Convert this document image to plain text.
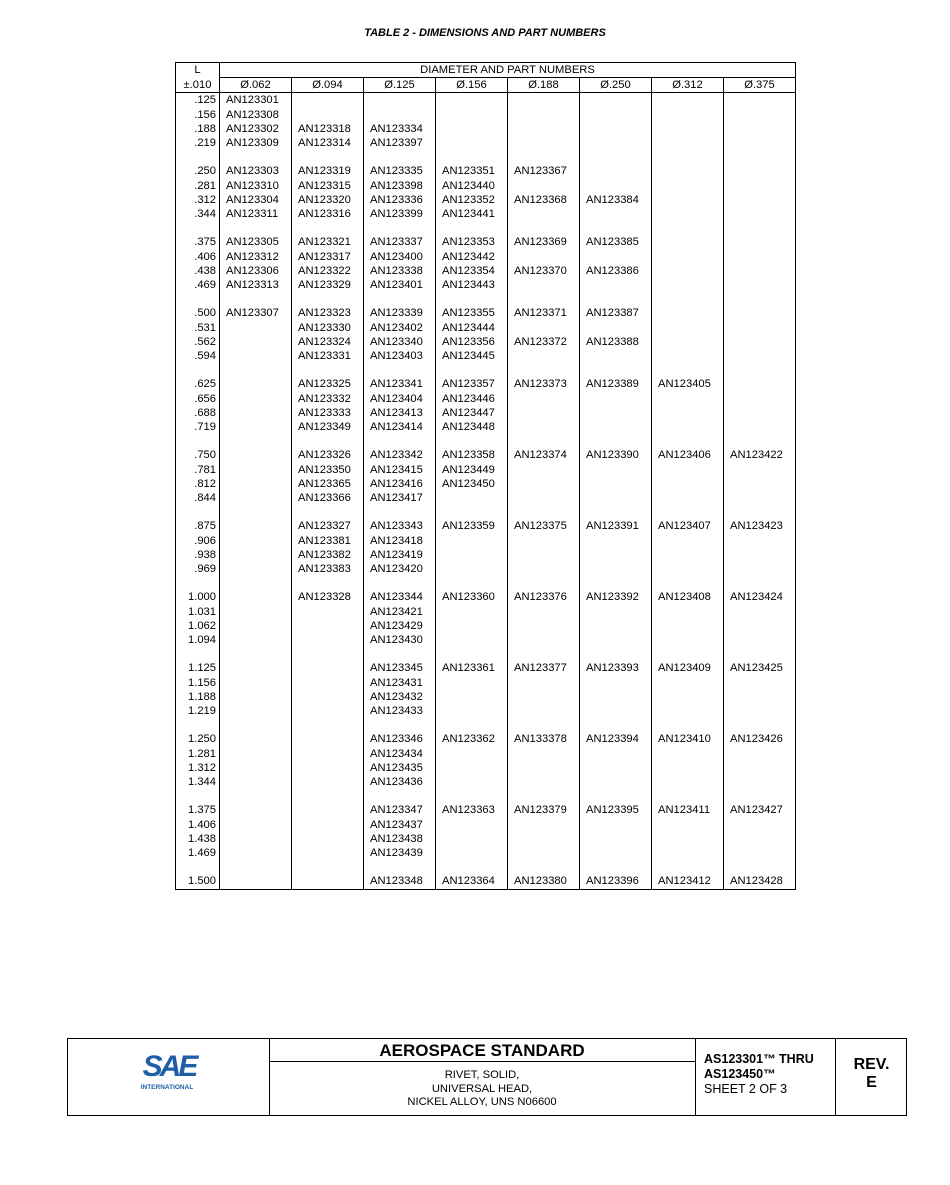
TABLE 2 - DIMENSIONS AND PART NUMBERS
L	DIAMETER AND PART NUMBERS							
±.010	Ø.062	Ø.094	Ø.125	Ø.156	Ø.188	Ø.250	Ø.312	Ø.375
.125	AN123301							
.156	AN123308							
.188	AN123302	AN123318	AN123334					
.219	AN123309	AN123314	AN123397					

.250	AN123303	AN123319	AN123335	AN123351	AN123367			
.281	AN123310	AN123315	AN123398	AN123440				
.312	AN123304	AN123320	AN123336	AN123352	AN123368	AN123384		
.344	AN123311	AN123316	AN123399	AN123441				

.375	AN123305	AN123321	AN123337	AN123353	AN123369	AN123385		
.406	AN123312	AN123317	AN123400	AN123442				
.438	AN123306	AN123322	AN123338	AN123354	AN123370	AN123386		
.469	AN123313	AN123329	AN123401	AN123443				

.500	AN123307	AN123323	AN123339	AN123355	AN123371	AN123387		
.531		AN123330	AN123402	AN123444				
.562		AN123324	AN123340	AN123356	AN123372	AN123388		
.594		AN123331	AN123403	AN123445				

.625		AN123325	AN123341	AN123357	AN123373	AN123389	AN123405	
.656		AN123332	AN123404	AN123446				
.688		AN123333	AN123413	AN123447				
.719		AN123349	AN123414	AN123448				

.750		AN123326	AN123342	AN123358	AN123374	AN123390	AN123406	AN123422
.781		AN123350	AN123415	AN123449				
.812		AN123365	AN123416	AN123450				
.844		AN123366	AN123417					

.875		AN123327	AN123343	AN123359	AN123375	AN123391	AN123407	AN123423
.906		AN123381	AN123418					
.938		AN123382	AN123419					
.969		AN123383	AN123420					

1.000		AN123328	AN123344	AN123360	AN123376	AN123392	AN123408	AN123424
1.031			AN123421					
1.062			AN123429					
1.094			AN123430					

1.125			AN123345	AN123361	AN123377	AN123393	AN123409	AN123425
1.156			AN123431					
1.188			AN123432					
1.219			AN123433					

1.250			AN123346	AN123362	AN133378	AN123394	AN123410	AN123426
1.281			AN123434					
1.312			AN123435					
1.344			AN123436					

1.375			AN123347	AN123363	AN123379	AN123395	AN123411	AN123427
1.406			AN123437					
1.438			AN123438					
1.469			AN123439					

1.500			AN123348	AN123364	AN123380	AN123396	AN123412	AN123428
SAE
INTERNATIONAL
AEROSPACE STANDARD
RIVET, SOLID,
UNIVERSAL HEAD,
NICKEL ALLOY, UNS N06600
AS123301™ THRU
AS123450™
SHEET 2 OF 3
REV.
E
